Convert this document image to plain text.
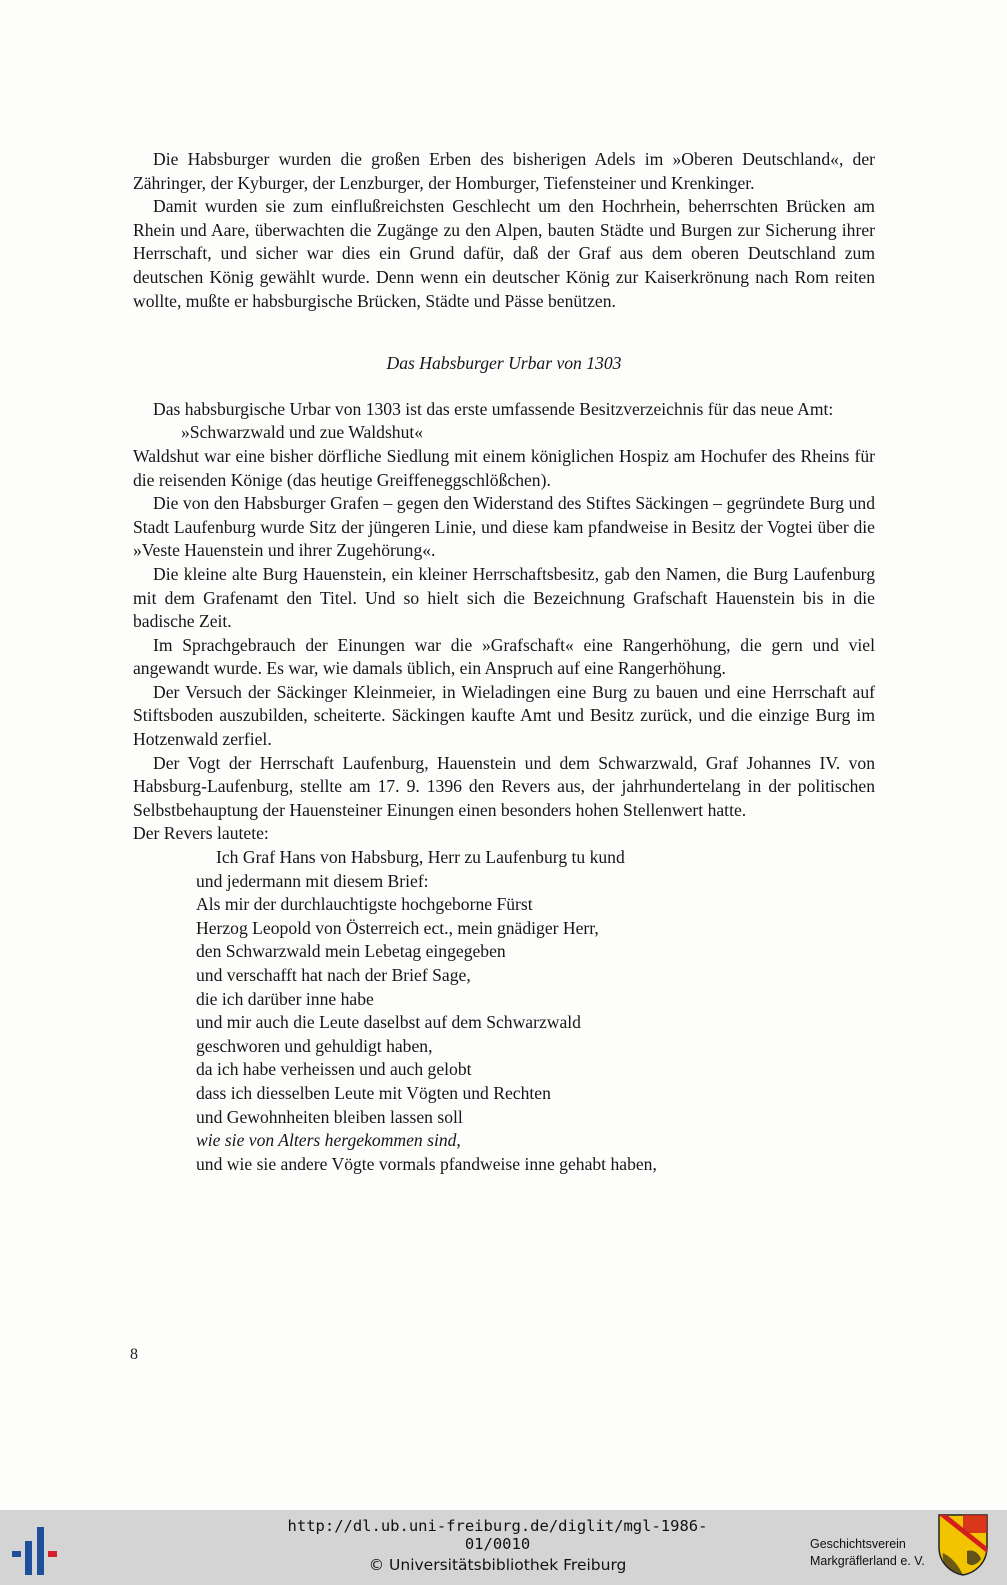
Die Habsburger wurden die großen Erben des bisherigen Adels im »Oberen Deutschland«, der Zähringer, der Kyburger, der Lenzburger, der Homburger, Tiefensteiner und Krenkinger.

Damit wurden sie zum einflußreichsten Geschlecht um den Hochrhein, beherrschten Brücken am Rhein und Aare, überwachten die Zugänge zu den Alpen, bauten Städte und Burgen zur Sicherung ihrer Herrschaft, und sicher war dies ein Grund dafür, daß der Graf aus dem oberen Deutschland zum deutschen König gewählt wurde. Denn wenn ein deutscher König zur Kaiserkrönung nach Rom reiten wollte, mußte er habsburgische Brücken, Städte und Pässe benützen.

Das Habsburger Urbar von 1303

Das habsburgische Urbar von 1303 ist das erste umfassende Besitzverzeichnis für das neue Amt:

»Schwarzwald und zue Waldshut«

Waldshut war eine bisher dörfliche Siedlung mit einem königlichen Hospiz am Hochufer des Rheins für die reisenden Könige (das heutige Greiffeneggschlößchen).

Die von den Habsburger Grafen – gegen den Widerstand des Stiftes Säckingen – gegründete Burg und Stadt Laufenburg wurde Sitz der jüngeren Linie, und diese kam pfandweise in Besitz der Vogtei über die »Veste Hauenstein und ihrer Zugehörung«.

Die kleine alte Burg Hauenstein, ein kleiner Herrschaftsbesitz, gab den Namen, die Burg Laufenburg mit dem Grafenamt den Titel. Und so hielt sich die Bezeichnung Grafschaft Hauenstein bis in die badische Zeit.

Im Sprachgebrauch der Einungen war die »Grafschaft« eine Rangerhöhung, die gern und viel angewandt wurde. Es war, wie damals üblich, ein Anspruch auf eine Rangerhöhung.

Der Versuch der Säckinger Kleinmeier, in Wieladingen eine Burg zu bauen und eine Herrschaft auf Stiftsboden auszubilden, scheiterte. Säckingen kaufte Amt und Besitz zurück, und die einzige Burg im Hotzenwald zerfiel.

Der Vogt der Herrschaft Laufenburg, Hauenstein und dem Schwarzwald, Graf Johannes IV. von Habsburg-Laufenburg, stellte am 17. 9. 1396 den Revers aus, der jahrhundertelang in der politischen Selbstbehauptung der Hauensteiner Einungen einen besonders hohen Stellenwert hatte.

Der Revers lautete:

Ich Graf Hans von Habsburg, Herr zu Laufenburg tu kund
und jedermann mit diesem Brief:
Als mir der durchlauchtigste hochgeborne Fürst
Herzog Leopold von Österreich ect., mein gnädiger Herr,
den Schwarzwald mein Lebetag eingegeben
und verschafft hat nach der Brief Sage,
die ich darüber inne habe
und mir auch die Leute daselbst auf dem Schwarzwald
geschworen und gehuldigt haben,
da ich habe verheissen und auch gelobt
dass ich diesselben Leute mit Vögten und Rechten
und Gewohnheiten bleiben lassen soll
wie sie von Alters hergekommen sind,
und wie sie andere Vögte vormals pfandweise inne gehabt haben,
8
http://dl.ub.uni-freiburg.de/diglit/mgl-1986-01/0010
© Universitätsbibliothek Freiburg
Geschichtsverein
Markgräflerland e. V.
